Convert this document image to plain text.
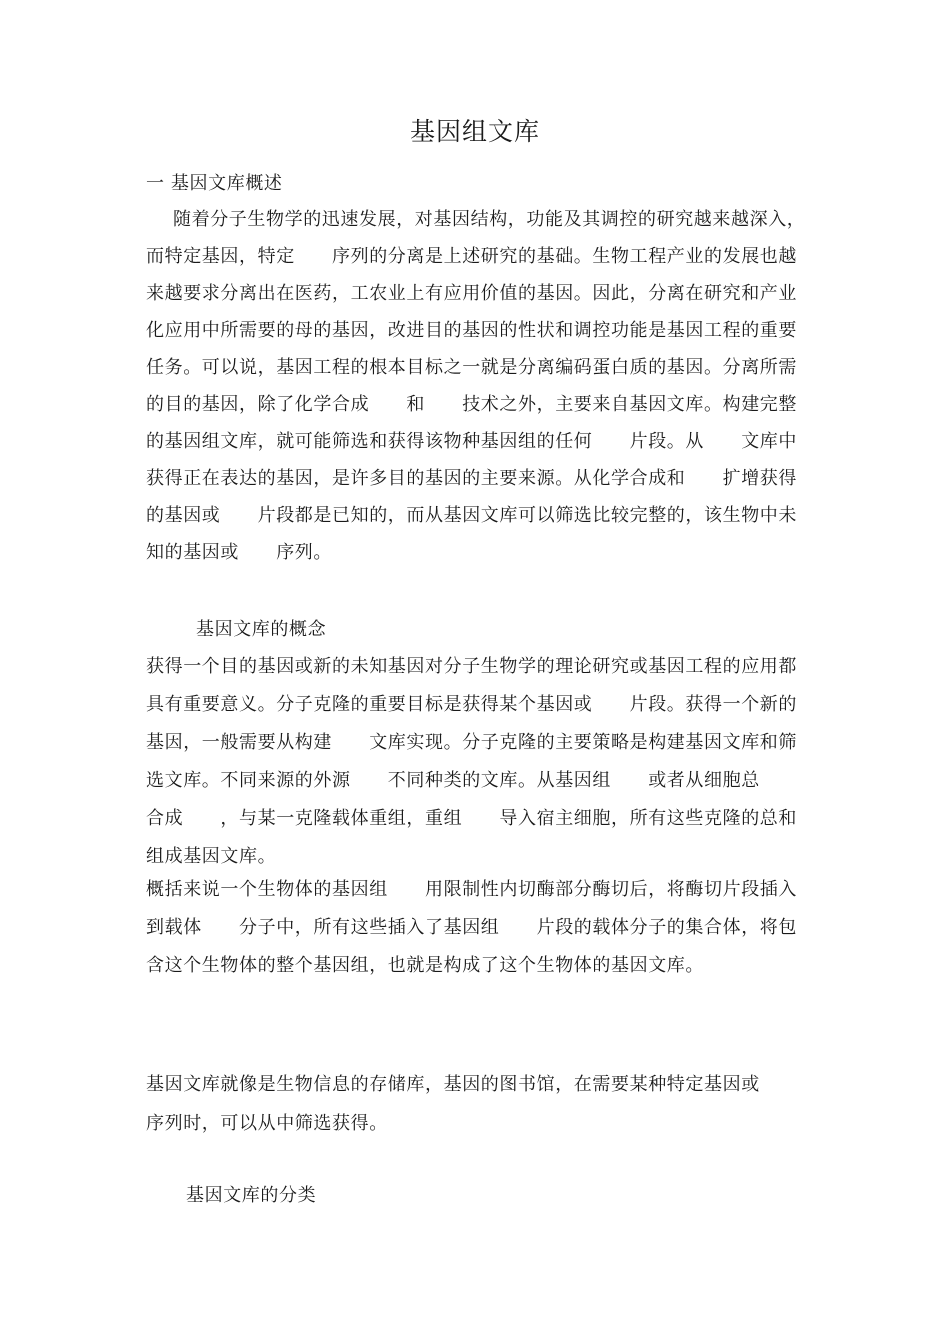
基因组文库
一 基因文库概述

随着分子生物学的迅速发展，对基因结构，功能及其调控的研究越来越深入，而特定基因，特定　　序列的分离是上述研究的基础。生物工程产业的发展也越来越要求分离出在医药，工农业上有应用价值的基因。因此，分离在研究和产业化应用中所需要的母的基因，改进目的基因的性状和调控功能是基因工程的重要任务。可以说，基因工程的根本目标之一就是分离编码蛋白质的基因。分离所需的目的基因，除了化学合成　　和　　技术之外，主要来自基因文库。构建完整的基因组文库，就可能筛选和获得该物种基因组的任何　　片段。从　　文库中获得正在表达的基因，是许多目的基因的主要来源。从化学合成和　　扩增获得的基因或　　片段都是已知的，而从基因文库可以筛选比较完整的，该生物中未知的基因或　　序列。

基因文库的概念

获得一个目的基因或新的未知基因对分子生物学的理论研究或基因工程的应用都具有重要意义。分子克隆的重要目标是获得某个基因或　　片段。获得一个新的基因，一般需要从构建　　文库实现。分子克隆的主要策略是构建基因文库和筛选文库。不同来源的外源　　不同种类的文库。从基因组　　或者从细胞总　　合成　　，与某一克隆载体重组，重组　　导入宿主细胞，所有这些克隆的总和组成基因文库。

概括来说一个生物体的基因组　　用限制性内切酶部分酶切后，将酶切片段插入到载体　　分子中，所有这些插入了基因组　　片段的载体分子的集合体，将包含这个生物体的整个基因组，也就是构成了这个生物体的基因文库。

基因文库就像是生物信息的存储库，基因的图书馆，在需要某种特定基因或　　序列时，可以从中筛选获得。

基因文库的分类
